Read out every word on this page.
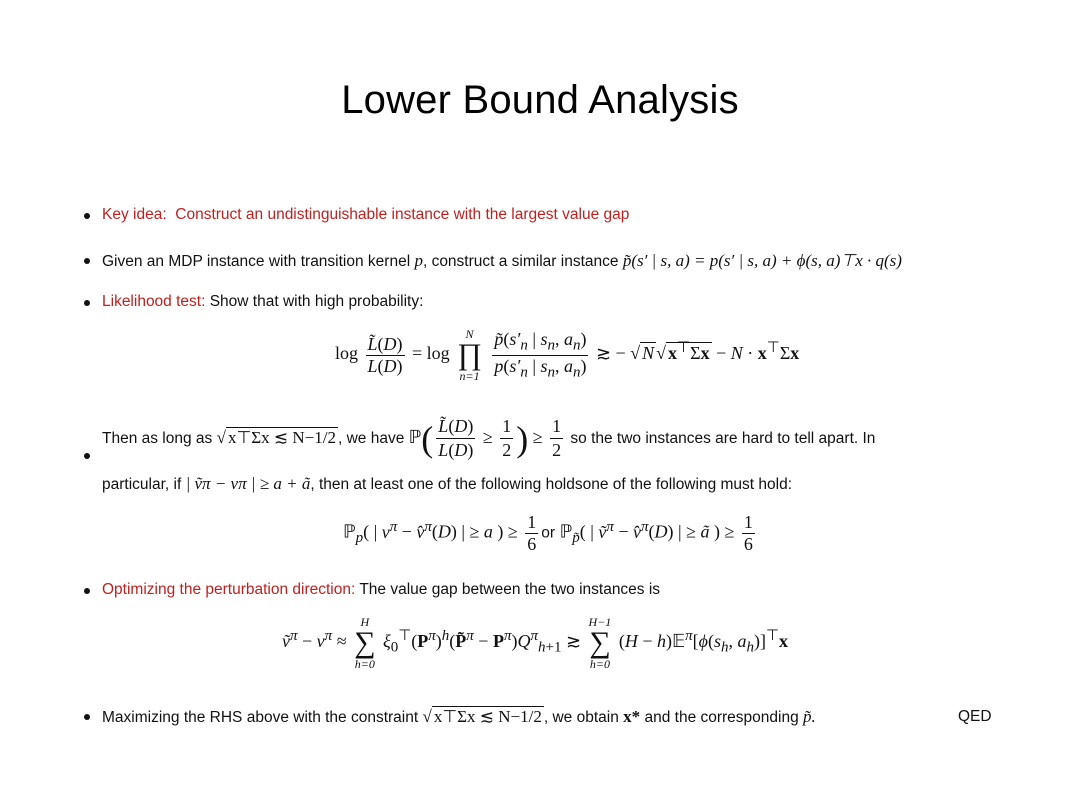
Lower Bound Analysis
Key idea: Construct an undistinguishable instance with the largest value gap
Given an MDP instance with transition kernel p, construct a similar instance p̃(s′ | s, a) = p(s′ | s, a) + ϕ(s, a)⊤x · q(s)
Likelihood test: Show that with high probability:
$\log \frac{L̃(D)}{L(D)} = \log$
N
∏
n=1
$\frac{p̃(s'_n | s_n, a_n)}{p(s'_n | s_n, a_n)}$ ≳ − √ N √ x⊤Σx − N · x⊤Σx
Then as long as √ x⊤Σx ≲ N−1/2 , we have ℙ( $\frac{L̃(D)}{L(D)} \ge \frac{1}{2}$ ) ≥ $\frac{1}{2}$ so the two instances are hard to tell apart. In
particular, if | ṽπ − vπ | ≥ a + ã, then at least one of the following holdsone of the following must hold:
ℙ$_p$( | $v^\pi$ − v̂$^\pi$(D) | ≥ a ) ≥ $\frac{1}{6}$ or ℙ$_{p̃}$( | ṽ$^\pi$ − v̂$^\pi$(D) | ≥ ã ) ≥ $\frac{1}{6}$
Optimizing the perturbation direction: The value gap between the two instances is
ṽ$^\pi$ − $v^\pi$ ≈
H
∑
h=0
$\xi_0^⊤(P^\pi)^h(P̃^\pi - P^\pi)Q^\pi_{h+1}$ ≳
H−1
∑
h=0
$(H - h)𝔼^\pi[\phi(s_h$, $a_h)]^⊤x$
Maximizing the RHS above with the constraint √ x⊤Σx ≲ N−1/2 , we obtain x* and the corresponding p̃.	QED
